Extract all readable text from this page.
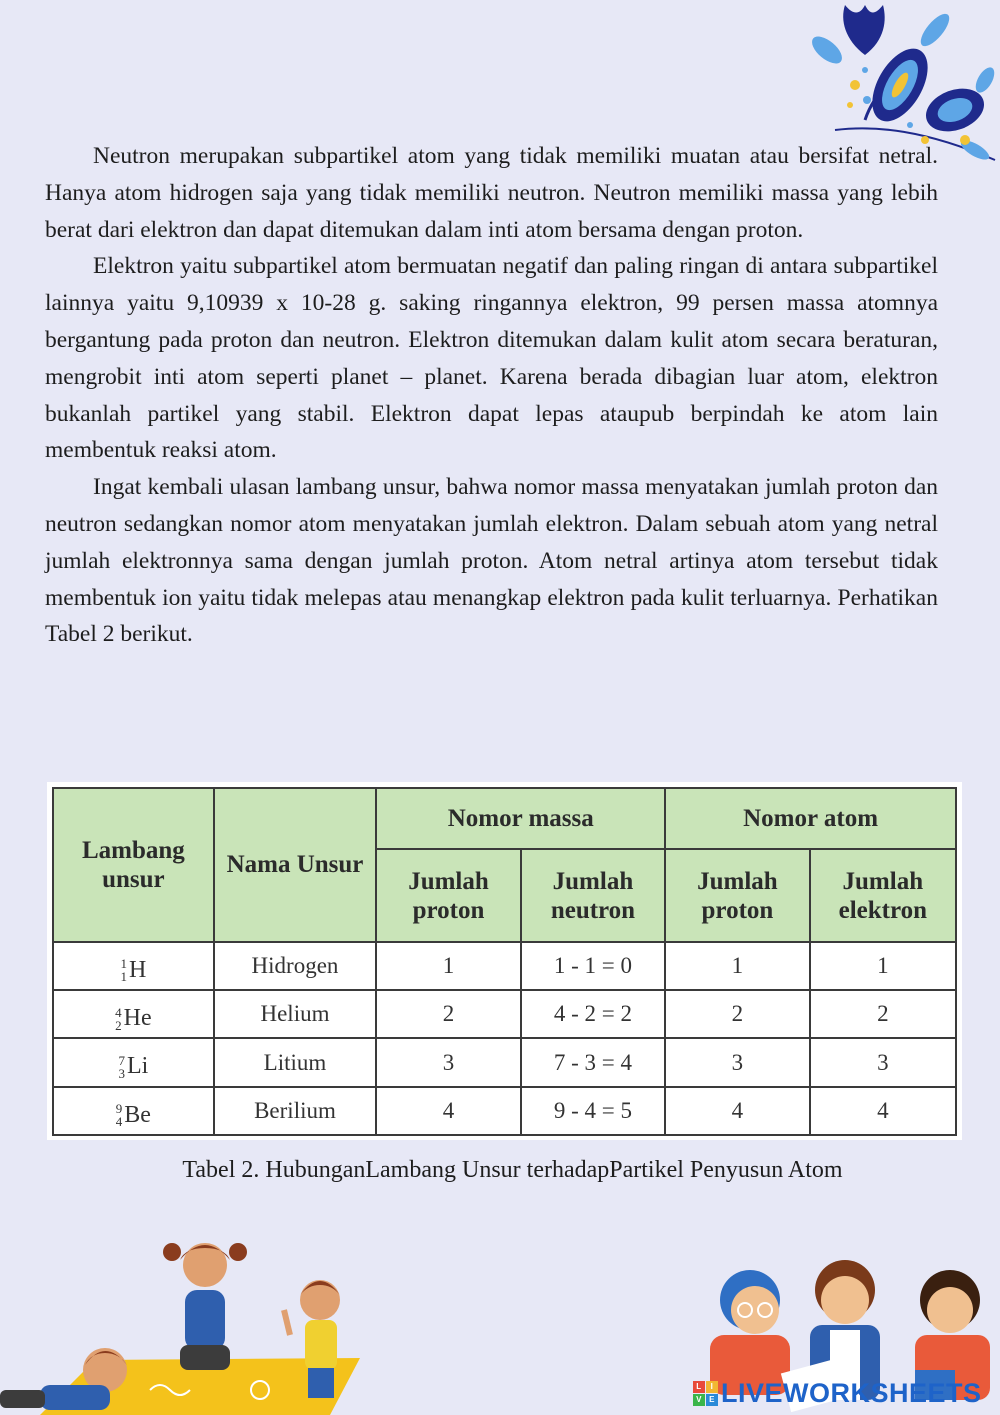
Neutron merupakan subpartikel atom yang tidak memiliki muatan atau bersifat netral. Hanya atom hidrogen saja yang tidak memiliki neutron. Neutron memiliki massa yang lebih berat dari elektron dan dapat ditemukan dalam inti atom bersama dengan proton.

Elektron yaitu subpartikel atom bermuatan negatif dan paling ringan di antara subpartikel lainnya yaitu 9,10939 x 10-28 g. saking ringannya elektron, 99 persen massa atomnya bergantung pada proton dan neutron. Elektron ditemukan dalam kulit atom secara beraturan, mengrobit inti atom seperti planet – planet. Karena berada dibagian luar atom, elektron bukanlah partikel yang stabil. Elektron dapat lepas ataupub berpindah ke atom lain membentuk reaksi atom.

Ingat kembali ulasan lambang unsur, bahwa nomor massa menyatakan jumlah proton dan neutron sedangkan nomor atom menyatakan jumlah elektron. Dalam sebuah atom yang netral jumlah elektronnya sama dengan jumlah proton. Atom netral artinya atom tersebut tidak membentuk ion yaitu tidak melepas atau menangkap elektron pada kulit terluarnya. Perhatikan Tabel 2 berikut.

Lambang unsur	Nama Unsur	Nomor massa		Nomor atom	
		Jumlah proton	Jumlah neutron	Jumlah proton	Jumlah elektron

1
1 H	Hidrogen	1	1 - 1 = 0	1	1

4
2 He	Helium	2	4 - 2 = 2	2	2

7
3 Li	Litium	3	7 - 3 = 4	3	3

9
4 Be	Berilium	4	9 - 4 = 5	4	4
Tabel 2. HubunganLambang Unsur terhadapPartikel Penyusun Atom
L	I
V E LIVEWORKSHEETS
